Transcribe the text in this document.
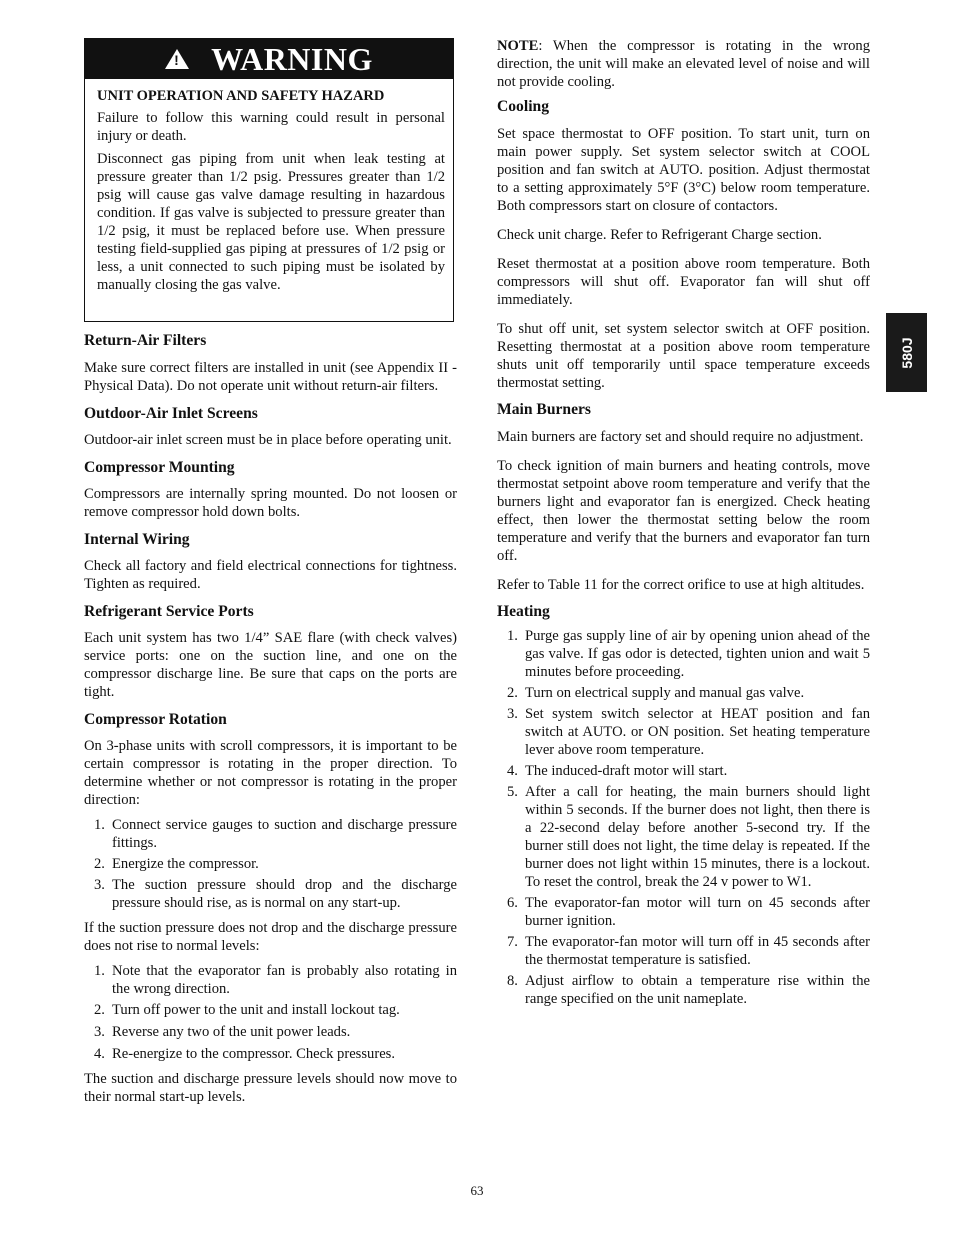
!
WARNING
UNIT OPERATION AND SAFETY HAZARD

Failure to follow this warning could result in personal injury or death.

Disconnect gas piping from unit when leak testing at pressure greater than 1/2 psig. Pressures greater than 1/2 psig will cause gas valve damage resulting in hazardous condition. If gas valve is subjected to pressure greater than 1/2 psig, it must be replaced before use. When pressure testing field-supplied gas piping at pressures of 1/2 psig or less, a unit connected to such piping must be isolated by manually closing the gas valve.

Return-Air Filters

Make sure correct filters are installed in unit (see Appendix II - Physical Data). Do not operate unit without return-air filters.

Outdoor-Air Inlet Screens

Outdoor-air inlet screen must be in place before operating unit.

Compressor Mounting

Compressors are internally spring mounted. Do not loosen or remove compressor hold down bolts.

Internal Wiring

Check all factory and field electrical connections for tightness. Tighten as required.

Refrigerant Service Ports

Each unit system has two 1/4” SAE flare (with check valves) service ports: one on the suction line, and one on the compressor discharge line. Be sure that caps on the ports are tight.

Compressor Rotation

On 3-phase units with scroll compressors, it is important to be certain compressor is rotating in the proper direction. To determine whether or not compressor is rotating in the proper direction:

1. Connect service gauges to suction and discharge pressure fittings.
2. Energize the compressor.
3. The suction pressure should drop and the discharge pressure should rise, as is normal on any start-up.

If the suction pressure does not drop and the discharge pressure does not rise to normal levels:

1. Note that the evaporator fan is probably also rotating in the wrong direction.
2. Turn off power to the unit and install lockout tag.
3. Reverse any two of the unit power leads.
4. Re-energize to the compressor. Check pressures.

The suction and discharge pressure levels should now move to their normal start-up levels.

NOTE: When the compressor is rotating in the wrong direction, the unit will make an elevated level of noise and will not provide cooling.

Cooling

Set space thermostat to OFF position. To start unit, turn on main power supply. Set system selector switch at COOL position and fan switch at AUTO. position. Adjust thermostat to a setting approximately 5°F (3°C) below room temperature. Both compressors start on closure of contactors.

Check unit charge. Refer to Refrigerant Charge section.

Reset thermostat at a position above room temperature. Both compressors will shut off. Evaporator fan will shut off immediately.

To shut off unit, set system selector switch at OFF position. Resetting thermostat at a position above room temperature shuts unit off temporarily until space temperature exceeds thermostat setting.

Main Burners

Main burners are factory set and should require no adjustment.

To check ignition of main burners and heating controls, move thermostat setpoint above room temperature and verify that the burners light and evaporator fan is energized. Check heating effect, then lower the thermostat setting below the room temperature and verify that the burners and evaporator fan turn off.

Refer to Table 11 for the correct orifice to use at high altitudes.

Heating
1. Purge gas supply line of air by opening union ahead of the gas valve. If gas odor is detected, tighten union and wait 5 minutes before proceeding.
2. Turn on electrical supply and manual gas valve.
3. Set system switch selector at HEAT position and fan switch at AUTO. or ON position. Set heating temperature lever above room temperature.
4. The induced-draft motor will start.
5. After a call for heating, the main burners should light within 5 seconds. If the burner does not light, then there is a 22-second delay before another 5-second try. If the burner still does not light, the time delay is repeated. If the burner does not light within 15 minutes, there is a lockout. To reset the control, break the 24 v power to W1.
6. The evaporator-fan motor will turn on 45 seconds after burner ignition.
7. The evaporator-fan motor will turn off in 45 seconds after the thermostat temperature is satisfied.
8. Adjust airflow to obtain a temperature rise within the range specified on the unit nameplate.
580J
63
